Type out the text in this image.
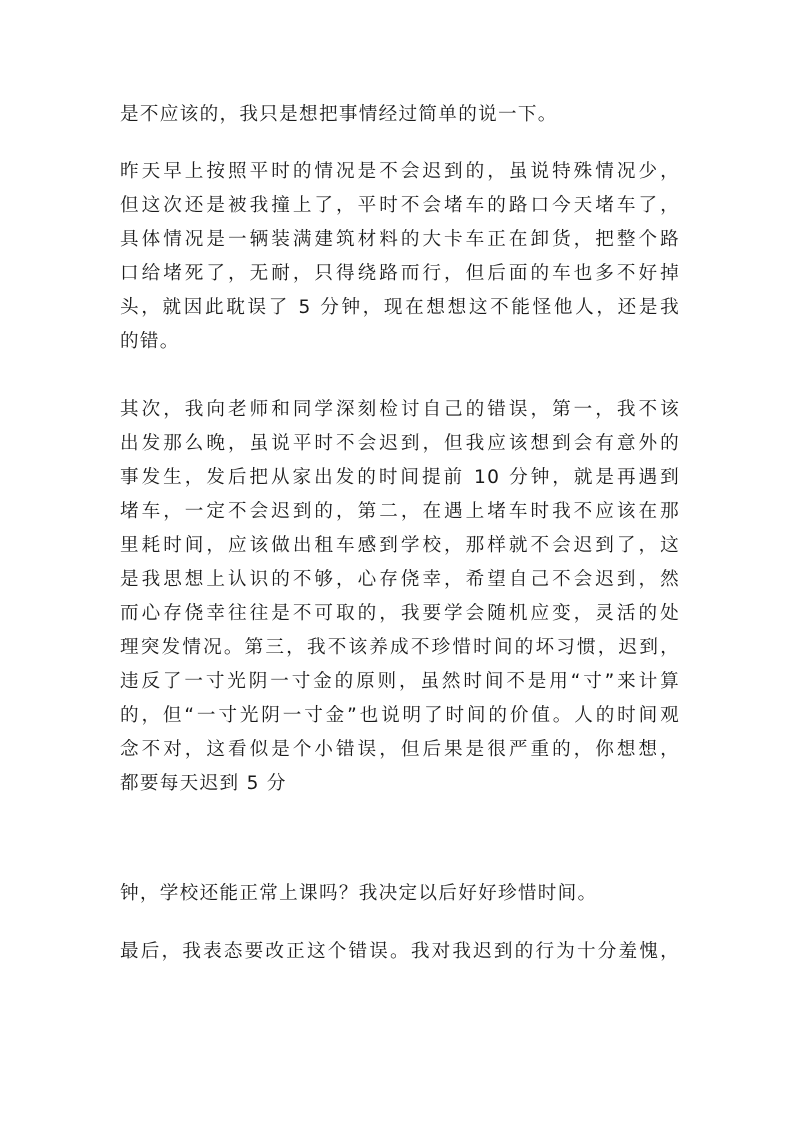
是不应该的，我只是想把事情经过简单的说一下。

昨天早上按照平时的情况是不会迟到的，虽说特殊情况少，
但这次还是被我撞上了，平时不会堵车的路口今天堵车了，
具体情况是一辆装满建筑材料的大卡车正在卸货，把整个路
口给堵死了，无耐，只得绕路而行，但后面的车也多不好掉
头，就因此耽误了 5 分钟，现在想想这不能怪他人，还是我
的错。

其次，我向老师和同学深刻检讨自己的错误，第一，我不该
出发那么晚，虽说平时不会迟到，但我应该想到会有意外的
事发生，发后把从家出发的时间提前 10 分钟，就是再遇到
堵车，一定不会迟到的，第二，在遇上堵车时我不应该在那
里耗时间，应该做出租车感到学校，那样就不会迟到了，这
是我思想上认识的不够，心存侥幸，希望自己不会迟到，然
而心存侥幸往往是不可取的，我要学会随机应变，灵活的处
理突发情况。第三，我不该养成不珍惜时间的坏习惯，迟到，
违反了一寸光阴一寸金的原则，虽然时间不是用“寸”来计算
的，但“一寸光阴一寸金”也说明了时间的价值。人的时间观
念不对，这看似是个小错误，但后果是很严重的，你想想，
都要每天迟到 5 分

钟，学校还能正常上课吗？我决定以后好好珍惜时间。

最后，我表态要改正这个错误。我对我迟到的行为十分羞愧，
